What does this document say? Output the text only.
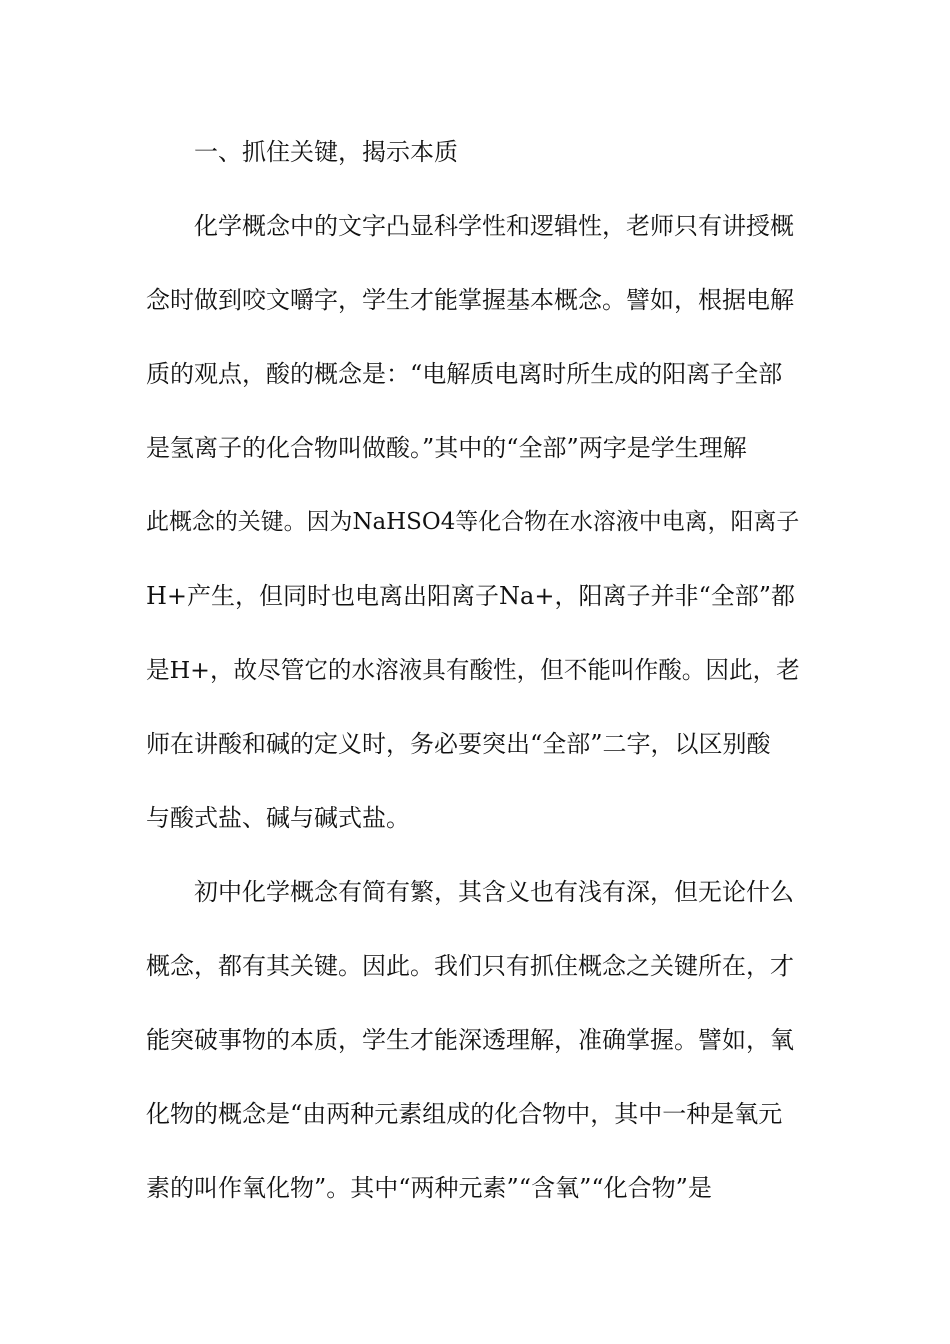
一、抓住关键，揭示本质
化学概念中的文字凸显科学性和逻辑性，老师只有讲授概
念时做到咬文嚼字，学生才能掌握基本概念。譬如，根据电解
质的观点，酸的概念是：“电解质电离时所生成的阳离子全部
是氢离子的化合物叫做酸。”其中的“全部”两字是学生理解
此概念的关键。因为NaHSO4等化合物在水溶液中电离，阳离子
H+产生，但同时也电离出阳离子Na+，阳离子并非“全部”都
是H+，故尽管它的水溶液具有酸性，但不能叫作酸。因此，老
师在讲酸和碱的定义时，务必要突出“全部”二字，以区别酸
与酸式盐、碱与碱式盐。
初中化学概念有简有繁，其含义也有浅有深，但无论什么
概念，都有其关键。因此。我们只有抓住概念之关键所在，才
能突破事物的本质，学生才能深透理解，准确掌握。譬如，氧
化物的概念是“由两种元素组成的化合物中，其中一种是氧元
素的叫作氧化物”。其中“两种元素”“含氧”“化合物”是
